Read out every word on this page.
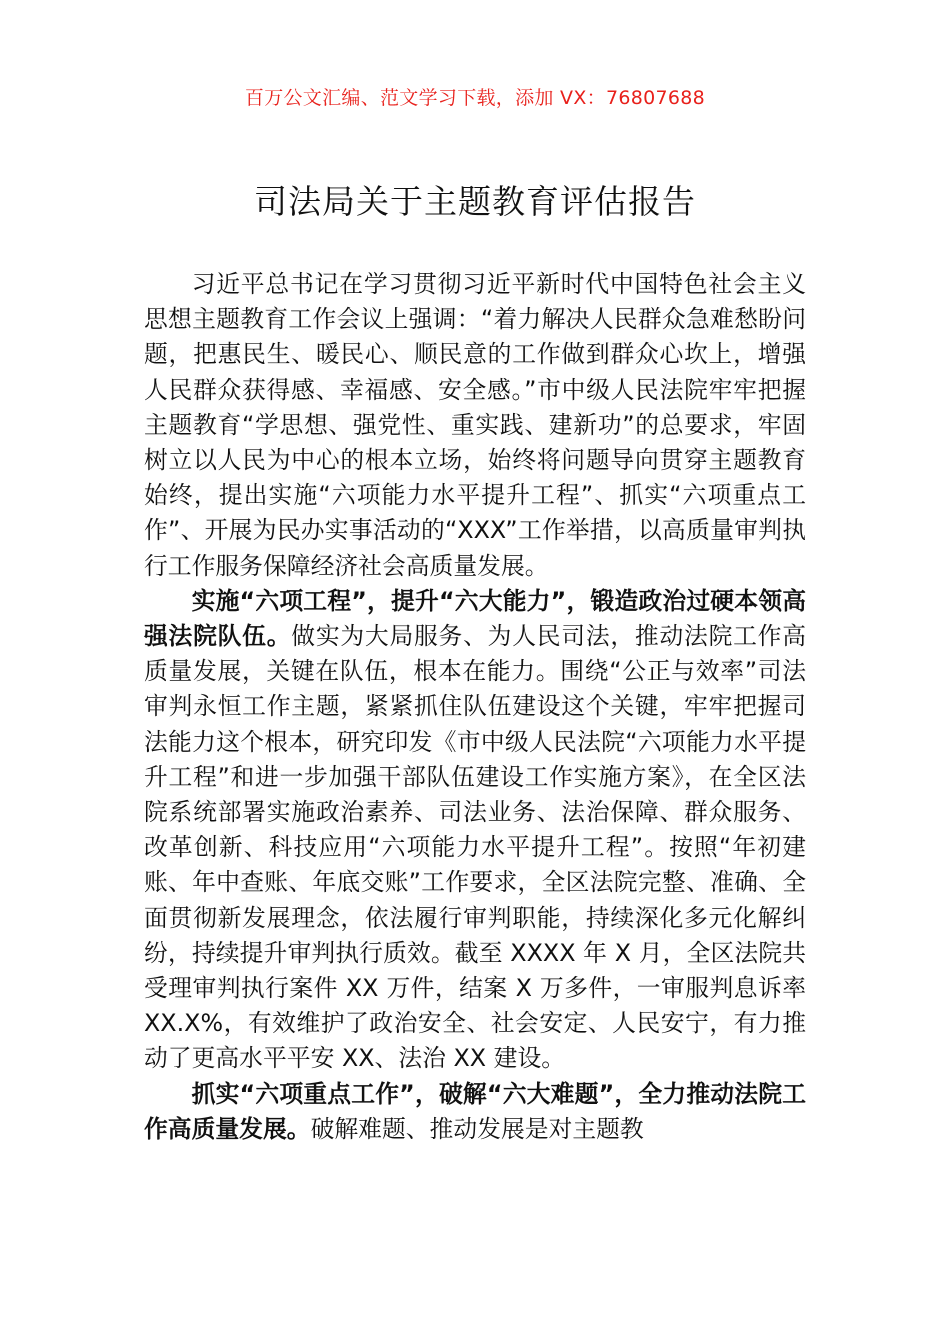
百万公文汇编、范文学习下载，添加 VX：76807688
司法局关于主题教育评估报告

习近平总书记在学习贯彻习近平新时代中国特色社会主义思想主题教育工作会议上强调：“着力解决人民群众急难愁盼问题，把惠民生、暖民心、顺民意的工作做到群众心坎上，增强人民群众获得感、幸福感、安全感。”市中级人民法院牢牢把握主题教育“学思想、强党性、重实践、建新功”的总要求，牢固树立以人民为中心的根本立场，始终将问题导向贯穿主题教育始终，提出实施“六项能力水平提升工程”、抓实“六项重点工作”、开展为民办实事活动的“XXX”工作举措，以高质量审判执行工作服务保障经济社会高质量发展。

实施“六项工程”，提升“六大能力”，锻造政治过硬本领高强法院队伍。做实为大局服务、为人民司法，推动法院工作高质量发展，关键在队伍，根本在能力。围绕“公正与效率”司法审判永恒工作主题，紧紧抓住队伍建设这个关键，牢牢把握司法能力这个根本，研究印发《市中级人民法院“六项能力水平提升工程”和进一步加强干部队伍建设工作实施方案》，在全区法院系统部署实施政治素养、司法业务、法治保障、群众服务、改革创新、科技应用“六项能力水平提升工程”。按照“年初建账、年中查账、年底交账”工作要求，全区法院完整、准确、全面贯彻新发展理念，依法履行审判职能，持续深化多元化解纠纷，持续提升审判执行质效。截至 XXXX 年 X 月，全区法院共受理审判执行案件 XX 万件，结案 X 万多件，一审服判息诉率 XX.X%，有效维护了政治安全、社会安定、人民安宁，有力推动了更高水平平安 XX、法治 XX 建设。

抓实“六项重点工作”，破解“六大难题”，全力推动法院工作高质量发展。破解难题、推动发展是对主题教
